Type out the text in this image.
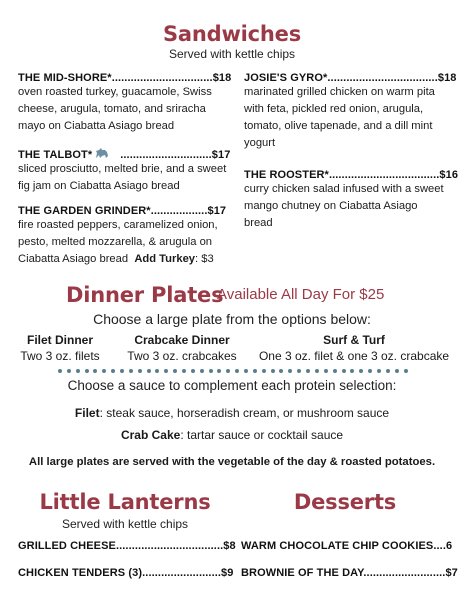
Sandwiches
Served with kettle chips
THE MID-SHORE*................................$18
oven roasted turkey, guacamole, Swiss cheese, arugula, tomato, and sriracha mayo on Ciabatta Asiago bread
THE TALBOT*	.............................$17
sliced prosciutto, melted brie, and a sweet fig jam on Ciabatta Asiago bread
THE GARDEN GRINDER*..................$17
fire roasted peppers, caramelized onion, pesto, melted mozzarella, & arugula on Ciabatta Asiago bread Add Turkey: $3
JOSIE'S GYRO*...................................$18
marinated grilled chicken on warm pita with feta, pickled red onion, arugula, tomato, olive tapenade, and a dill mint yogurt
THE ROOSTER*...................................$16
curry chicken salad infused with a sweet mango chutney on Ciabatta Asiago bread
Dinner Plates
Available All Day For $25
Choose a large plate from the options below:
Filet Dinner
Two 3 oz. filets
Crabcake Dinner
Two 3 oz. crabcakes
Surf & Turf
One 3 oz. filet & one 3 oz. crabcake
Choose a sauce to complement each protein selection:
Filet: steak sauce, horseradish cream, or mushroom sauce
Crab Cake: tartar sauce or cocktail sauce
All large plates are served with the vegetable of the day & roasted potatoes.
Little Lanterns
Served with kettle chips
GRILLED CHEESE..................................$8
CHICKEN TENDERS (3).........................$9
Desserts
WARM CHOCOLATE CHIP COOKIES....6
BROWNIE OF THE DAY..........................$7
